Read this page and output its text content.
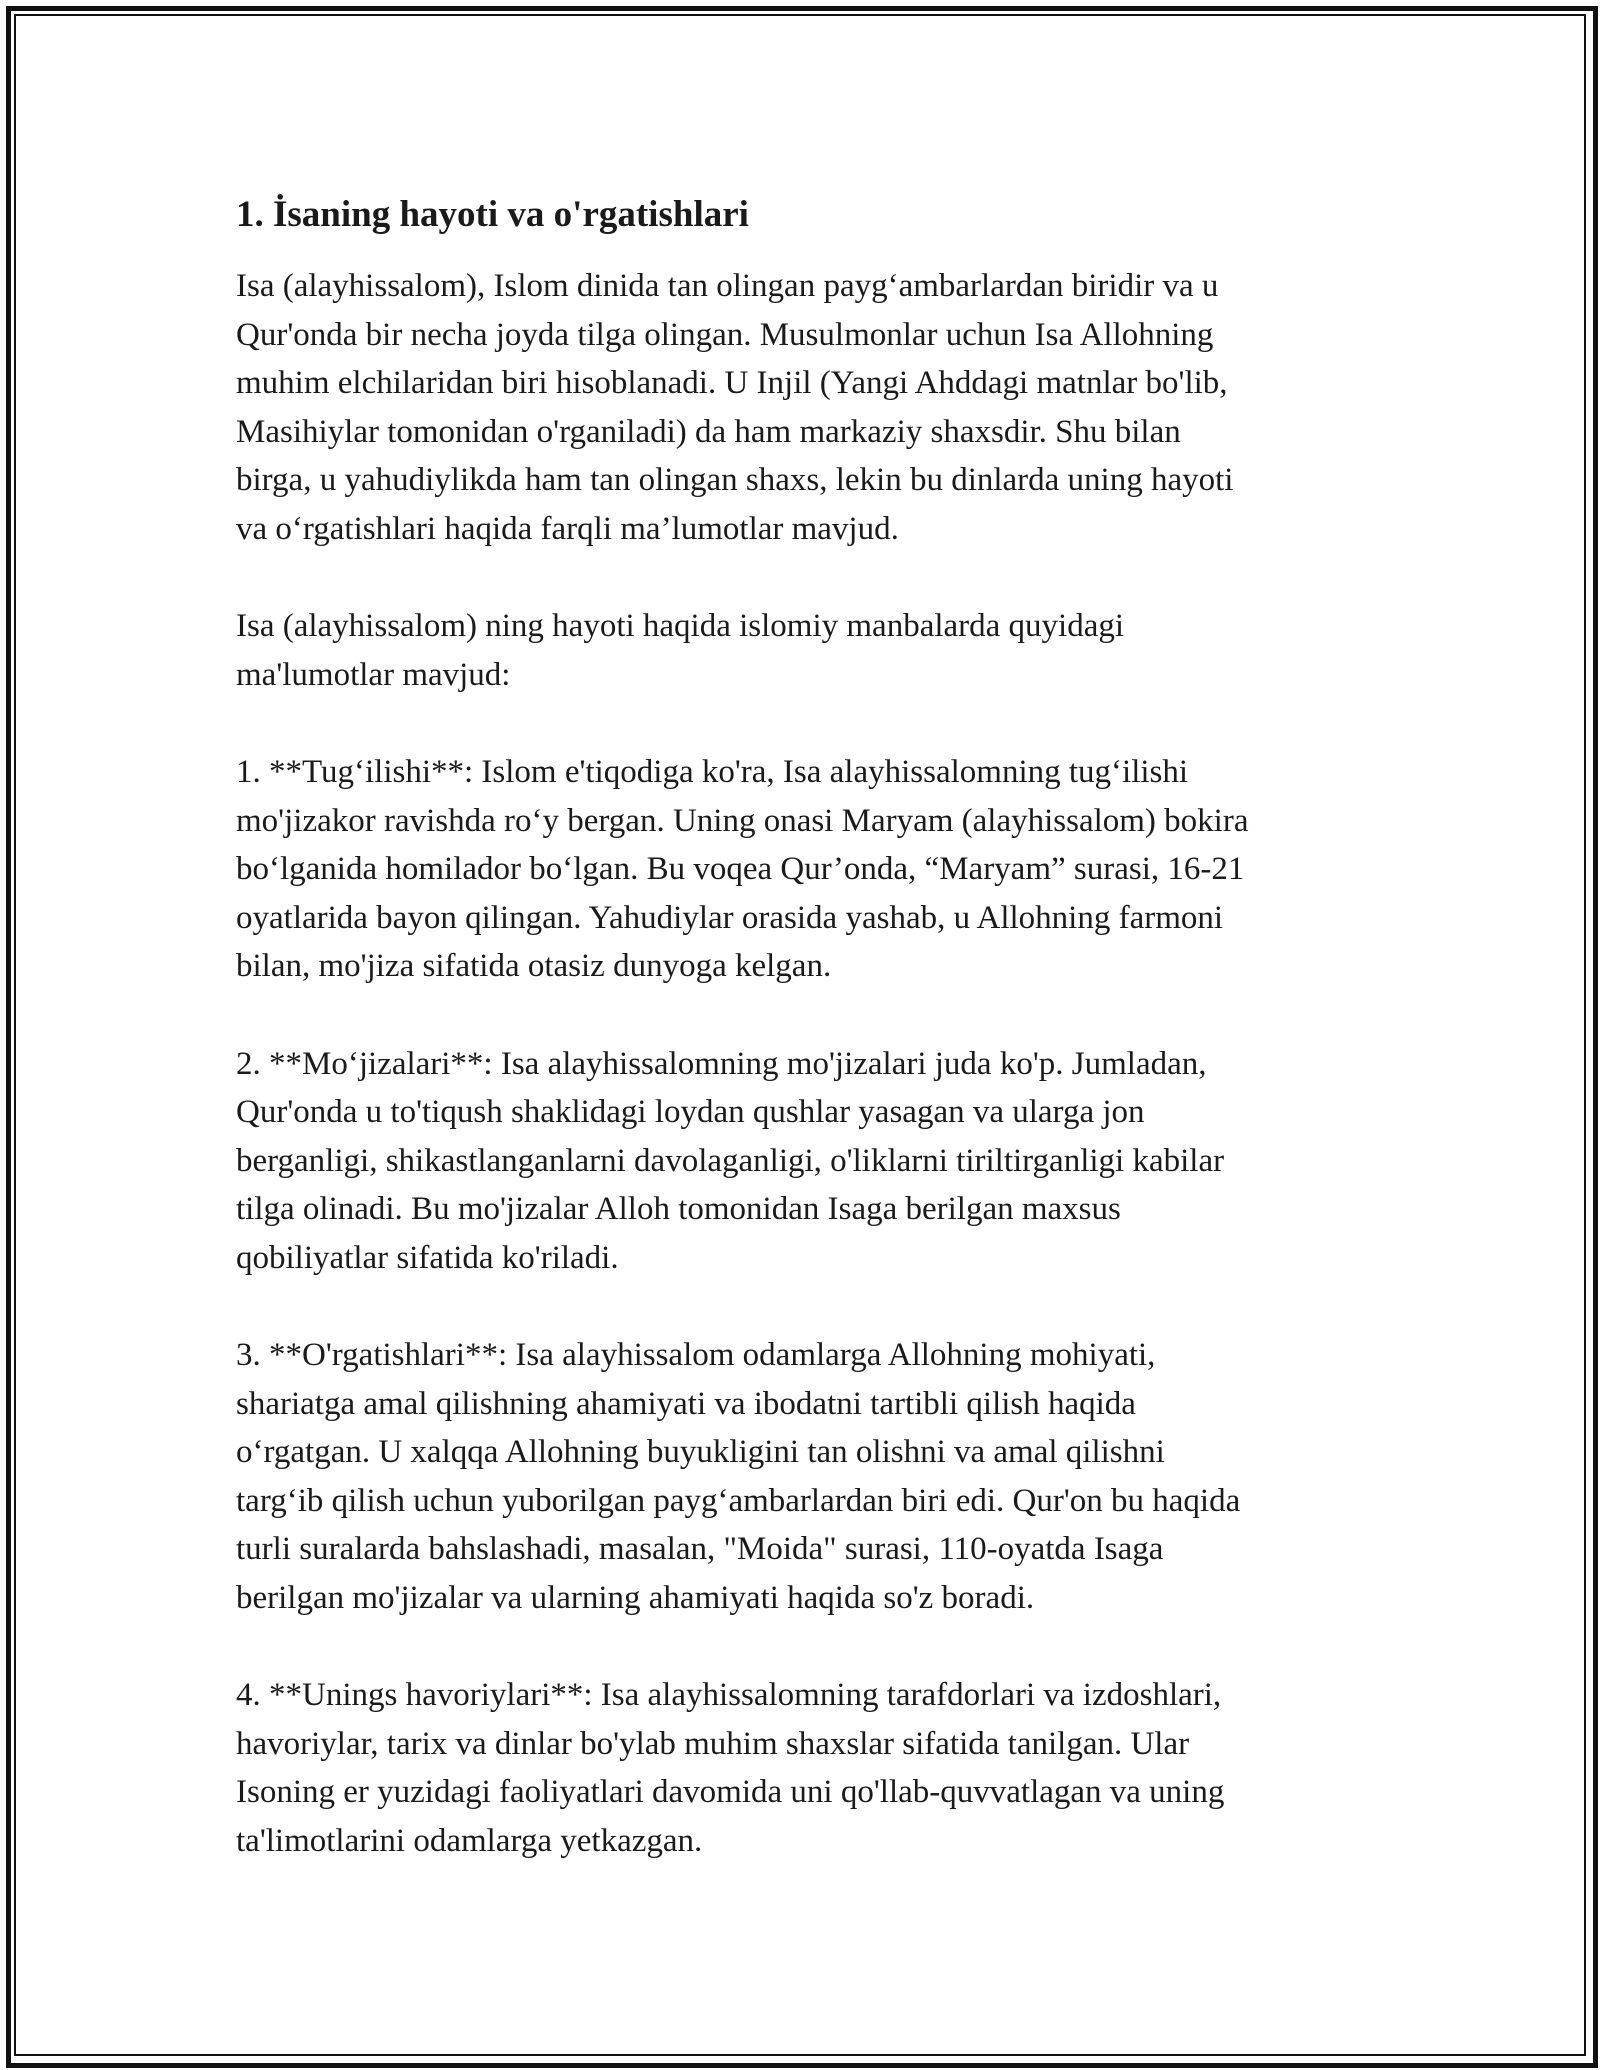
1. İsaning hayoti va o'rgatishlari

Isa (alayhissalom), Islom dinida tan olingan payg‘ambarlardan biridir va u
Qur'onda bir necha joyda tilga olingan. Musulmonlar uchun Isa Allohning
muhim elchilaridan biri hisoblanadi. U Injil (Yangi Ahddagi matnlar bo'lib,
Masihiylar tomonidan o'rganiladi) da ham markaziy shaxsdir. Shu bilan
birga, u yahudiylikda ham tan olingan shaxs, lekin bu dinlarda uning hayoti
va o‘rgatishlari haqida farqli ma’lumotlar mavjud.

Isa (alayhissalom) ning hayoti haqida islomiy manbalarda quyidagi
ma'lumotlar mavjud:

1. **Tug‘ilishi**: Islom e'tiqodiga ko'ra, Isa alayhissalomning tug‘ilishi
mo'jizakor ravishda ro‘y bergan. Uning onasi Maryam (alayhissalom) bokira
bo‘lganida homilador bo‘lgan. Bu voqea Qur’onda, “Maryam” surasi, 16-21
oyatlarida bayon qilingan. Yahudiylar orasida yashab, u Allohning farmoni
bilan, mo'jiza sifatida otasiz dunyoga kelgan.

2. **Mo‘jizalari**: Isa alayhissalomning mo'jizalari juda ko'p. Jumladan,
Qur'onda u to'tiqush shaklidagi loydan qushlar yasagan va ularga jon
berganligi, shikastlanganlarni davolaganligi, o'liklarni tiriltirganligi kabilar
tilga olinadi. Bu mo'jizalar Alloh tomonidan Isaga berilgan maxsus
qobiliyatlar sifatida ko'riladi.

3. **O'rgatishlari**: Isa alayhissalom odamlarga Allohning mohiyati,
shariatga amal qilishning ahamiyati va ibodatni tartibli qilish haqida
o‘rgatgan. U xalqqa Allohning buyukligini tan olishni va amal qilishni
targ‘ib qilish uchun yuborilgan payg‘ambarlardan biri edi. Qur'on bu haqida
turli suralarda bahslashadi, masalan, "Moida" surasi, 110-oyatda Isaga
berilgan mo'jizalar va ularning ahamiyati haqida so'z boradi.

4. **Unings havoriylari**: Isa alayhissalomning tarafdorlari va izdoshlari,
havoriylar, tarix va dinlar bo'ylab muhim shaxslar sifatida tanilgan. Ular
Isoning er yuzidagi faoliyatlari davomida uni qo'llab-quvvatlagan va uning
ta'limotlarini odamlarga yetkazgan.
